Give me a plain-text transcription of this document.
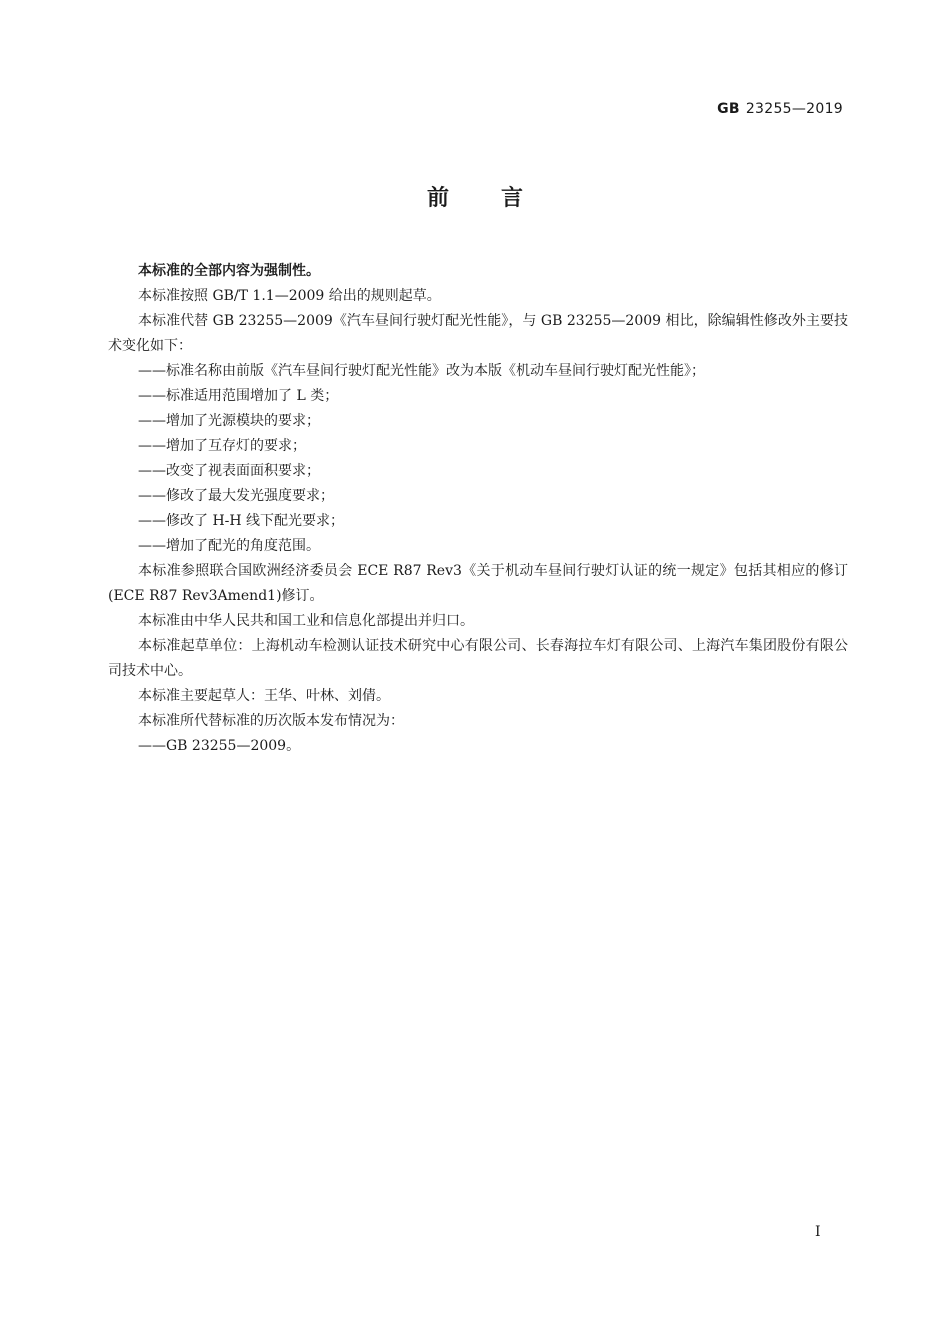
GB 23255—2019
前言
本标准的全部内容为强制性。
本标准按照 GB/T 1.1—2009 给出的规则起草。
本标准代替 GB 23255—2009《汽车昼间行驶灯配光性能》，与 GB 23255—2009 相比，除编辑性修改外主要技术变化如下：
——标准名称由前版《汽车昼间行驶灯配光性能》改为本版《机动车昼间行驶灯配光性能》；
——标准适用范围增加了 L 类；
——增加了光源模块的要求；
——增加了互存灯的要求；
——改变了视表面面积要求；
——修改了最大发光强度要求；
——修改了 H-H 线下配光要求；
——增加了配光的角度范围。
本标准参照联合国欧洲经济委员会 ECE R87 Rev3《关于机动车昼间行驶灯认证的统一规定》包括其相应的修订(ECE R87 Rev3Amend1)修订。
本标准由中华人民共和国工业和信息化部提出并归口。
本标准起草单位：上海机动车检测认证技术研究中心有限公司、长春海拉车灯有限公司、上海汽车集团股份有限公司技术中心。
本标准主要起草人：王华、叶林、刘倩。
本标准所代替标准的历次版本发布情况为：
——GB 23255—2009。
I
